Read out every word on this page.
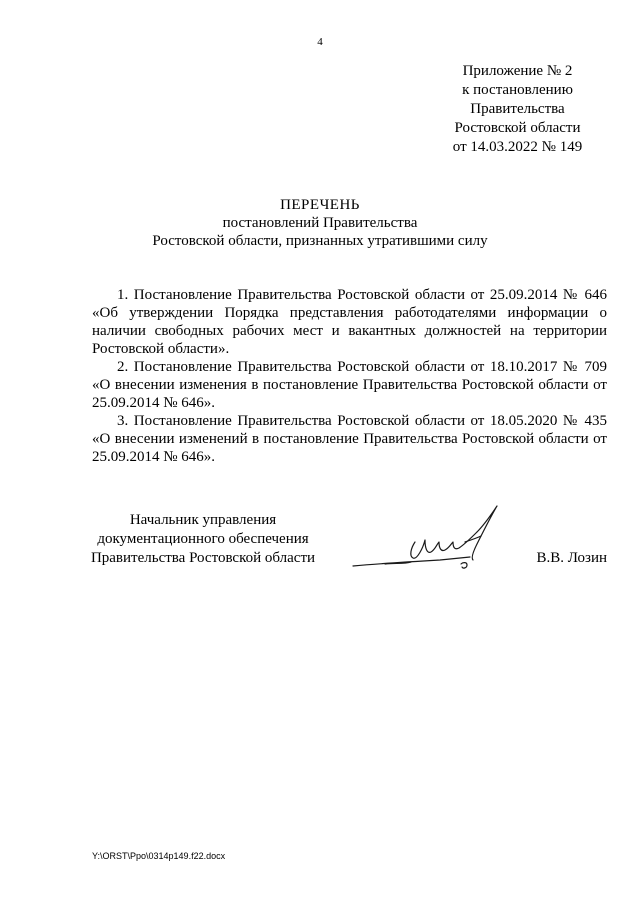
4
Приложение № 2
к постановлению
Правительства
Ростовской области
от 14.03.2022 № 149
ПЕРЕЧЕНЬ
постановлений Правительства
Ростовской области, признанных утратившими силу

1. Постановление Правительства Ростовской области от 25.09.2014 № 646 «Об утверждении Порядка представления работодателями информации о наличии свободных рабочих мест и вакантных должностей на территории Ростовской области».

2. Постановление Правительства Ростовской области от 18.10.2017 № 709 «О внесении изменения в постановление Правительства Ростовской области от 25.09.2014 № 646».

3. Постановление Правительства Ростовской области от 18.05.2020 № 435 «О внесении изменений в постановление Правительства Ростовской области от 25.09.2014 № 646».

Начальник управления
документационного обеспечения
Правительства Ростовской области	В.В. Лозин
Y:\ORST\Ppo\0314p149.f22.docx
